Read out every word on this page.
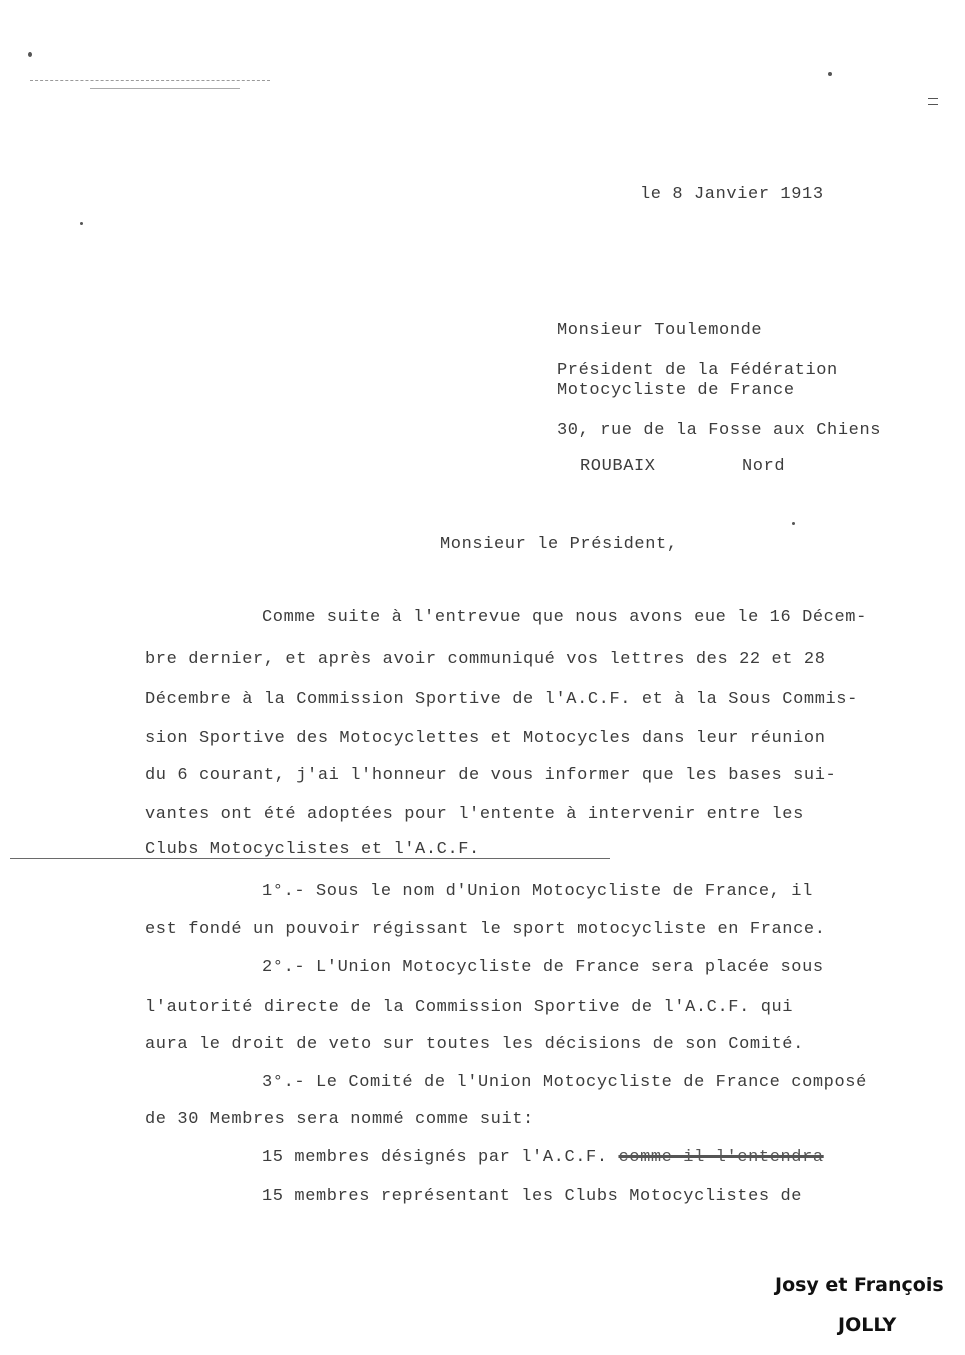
le 8 Janvier 1913
Monsieur Toulemonde
Président de la Fédération
Motocycliste de France
30, rue de la Fosse aux Chiens
ROUBAIX	Nord
Monsieur le Président,
Comme suite à l'entrevue que nous avons eue le 16 Décem-
bre dernier, et après avoir communiqué vos lettres des 22 et 28
Décembre à la Commission Sportive de l'A.C.F. et à la Sous Commis-
sion Sportive des Motocyclettes et Motocycles dans leur réunion
du 6 courant, j'ai l'honneur de vous informer que les bases sui-
vantes ont été adoptées pour l'entente à intervenir entre les
Clubs Motocyclistes et l'A.C.F.
1°.- Sous le nom d'Union Motocycliste de France, il
est fondé un pouvoir régissant le sport motocycliste en France.
2°.- L'Union Motocycliste de France sera placée sous
l'autorité directe de la Commission Sportive de l'A.C.F. qui
aura le droit de veto sur toutes les décisions de son Comité.
3°.- Le Comité de l'Union Motocycliste de France composé
de 30 Membres sera nommé comme suit:
15 membres désignés par l'A.C.F. comme il l'entendra
15 membres représentant les Clubs Motocyclistes de
Josy et François
JOLLY
